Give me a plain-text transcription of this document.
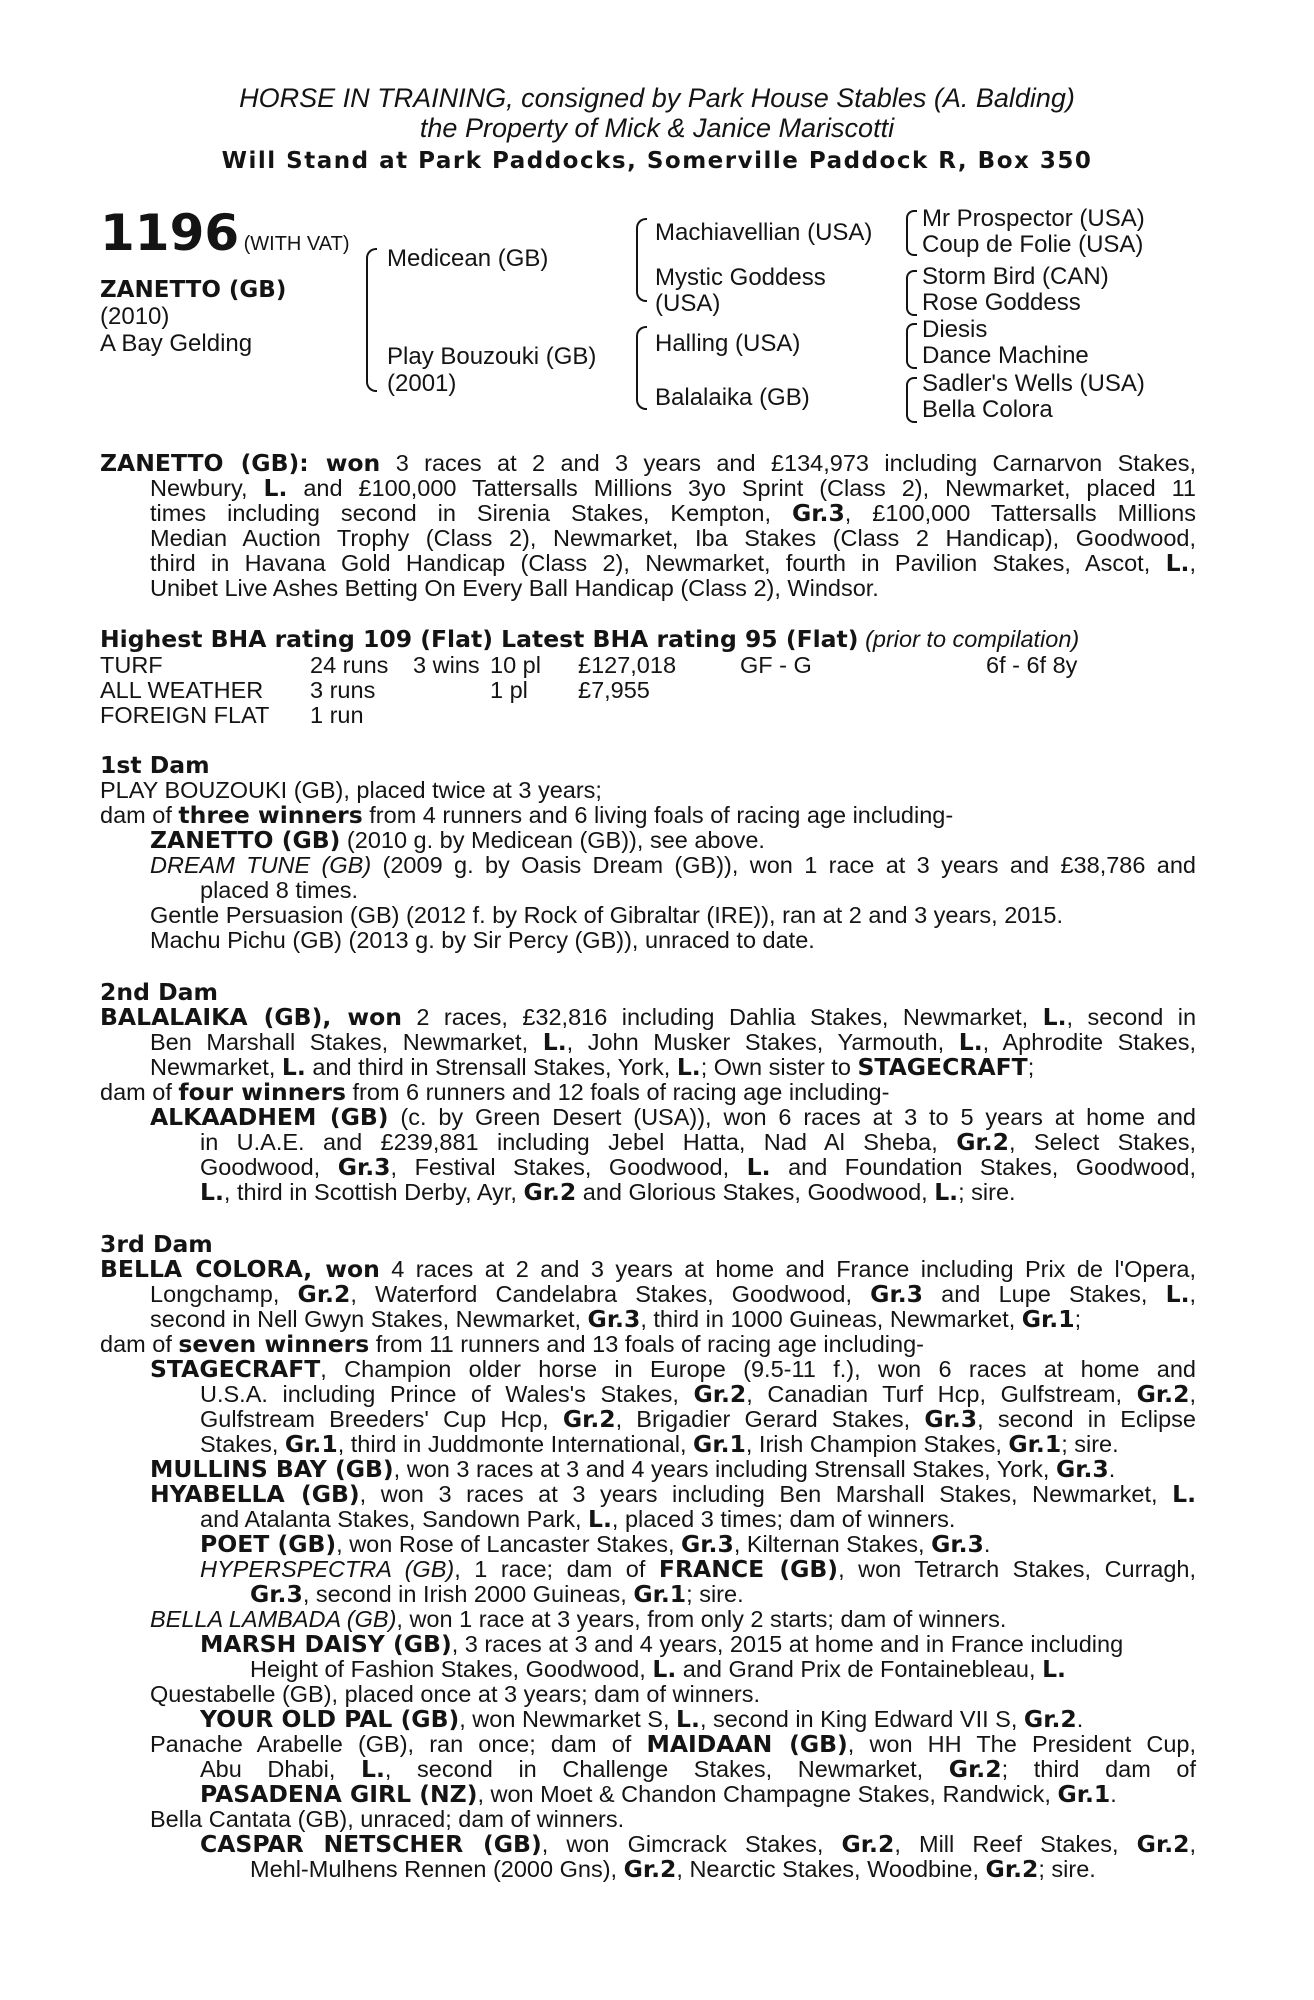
HORSE IN TRAINING, consigned by Park House Stables (A. Balding)
the Property of Mick & Janice Mariscotti
Will Stand at Park Paddocks, Somerville Paddock R, Box 350
1196 (WITH VAT)
ZANETTO (GB)
(2010)
A Bay Gelding
Medicean (GB)
Play Bouzouki (GB)
(2001)
Machiavellian (USA)
Mystic Goddess
(USA)
Halling (USA)
Balalaika (GB)
Mr Prospector (USA)
Coup de Folie (USA)
Storm Bird (CAN)
Rose Goddess
Diesis
Dance Machine
Sadler's Wells (USA)
Bella Colora
ZANETTO (GB): won 3 races at 2 and 3 years and £134,973 including Carnarvon Stakes,
Newbury, L. and £100,000 Tattersalls Millions 3yo Sprint (Class 2), Newmarket, placed 11
times including second in Sirenia Stakes, Kempton, Gr.3, £100,000 Tattersalls Millions
Median Auction Trophy (Class 2), Newmarket, Iba Stakes (Class 2 Handicap), Goodwood,
third in Havana Gold Handicap (Class 2), Newmarket, fourth in Pavilion Stakes, Ascot, L.,
Unibet Live Ashes Betting On Every Ball Handicap (Class 2), Windsor.
Highest BHA rating 109 (Flat) Latest BHA rating 95 (Flat) (prior to compilation)
TURF	24 runs 3 wins 10 pl £127,018	GF - G	6f - 6f 8y
ALL WEATHER 3 runs	1 pl £7,955
FOREIGN FLAT 1 run
1st Dam
PLAY BOUZOUKI (GB), placed twice at 3 years;
dam of three winners from 4 runners and 6 living foals of racing age including-
ZANETTO (GB) (2010 g. by Medicean (GB)), see above.
DREAM TUNE (GB) (2009 g. by Oasis Dream (GB)), won 1 race at 3 years and £38,786 and
placed 8 times.
Gentle Persuasion (GB) (2012 f. by Rock of Gibraltar (IRE)), ran at 2 and 3 years, 2015.
Machu Pichu (GB) (2013 g. by Sir Percy (GB)), unraced to date.
2nd Dam
BALALAIKA (GB), won 2 races, £32,816 including Dahlia Stakes, Newmarket, L., second in
Ben Marshall Stakes, Newmarket, L., John Musker Stakes, Yarmouth, L., Aphrodite Stakes,
Newmarket, L. and third in Strensall Stakes, York, L.; Own sister to STAGECRAFT;
dam of four winners from 6 runners and 12 foals of racing age including-
ALKAADHEM (GB) (c. by Green Desert (USA)), won 6 races at 3 to 5 years at home and
in U.A.E. and £239,881 including Jebel Hatta, Nad Al Sheba, Gr.2, Select Stakes,
Goodwood, Gr.3, Festival Stakes, Goodwood, L. and Foundation Stakes, Goodwood,
L., third in Scottish Derby, Ayr, Gr.2 and Glorious Stakes, Goodwood, L.; sire.
3rd Dam
BELLA COLORA, won 4 races at 2 and 3 years at home and France including Prix de l'Opera,
Longchamp, Gr.2, Waterford Candelabra Stakes, Goodwood, Gr.3 and Lupe Stakes, L.,
second in Nell Gwyn Stakes, Newmarket, Gr.3, third in 1000 Guineas, Newmarket, Gr.1;
dam of seven winners from 11 runners and 13 foals of racing age including-
STAGECRAFT, Champion older horse in Europe (9.5-11 f.), won 6 races at home and
U.S.A. including Prince of Wales's Stakes, Gr.2, Canadian Turf Hcp, Gulfstream, Gr.2,
Gulfstream Breeders' Cup Hcp, Gr.2, Brigadier Gerard Stakes, Gr.3, second in Eclipse
Stakes, Gr.1, third in Juddmonte International, Gr.1, Irish Champion Stakes, Gr.1; sire.
MULLINS BAY (GB), won 3 races at 3 and 4 years including Strensall Stakes, York, Gr.3.
HYABELLA (GB), won 3 races at 3 years including Ben Marshall Stakes, Newmarket, L.
and Atalanta Stakes, Sandown Park, L., placed 3 times; dam of winners.
POET (GB), won Rose of Lancaster Stakes, Gr.3, Kilternan Stakes, Gr.3.
HYPERSPECTRA (GB), 1 race; dam of FRANCE (GB), won Tetrarch Stakes, Curragh,
Gr.3, second in Irish 2000 Guineas, Gr.1; sire.
BELLA LAMBADA (GB), won 1 race at 3 years, from only 2 starts; dam of winners.
MARSH DAISY (GB), 3 races at 3 and 4 years, 2015 at home and in France including
Height of Fashion Stakes, Goodwood, L. and Grand Prix de Fontainebleau, L.
Questabelle (GB), placed once at 3 years; dam of winners.
YOUR OLD PAL (GB), won Newmarket S, L., second in King Edward VII S, Gr.2.
Panache Arabelle (GB), ran once; dam of MAIDAAN (GB), won HH The President Cup,
Abu Dhabi, L., second in Challenge Stakes, Newmarket, Gr.2; third dam of
PASADENA GIRL (NZ), won Moet & Chandon Champagne Stakes, Randwick, Gr.1.
Bella Cantata (GB), unraced; dam of winners.
CASPAR NETSCHER (GB), won Gimcrack Stakes, Gr.2, Mill Reef Stakes, Gr.2,
Mehl-Mulhens Rennen (2000 Gns), Gr.2, Nearctic Stakes, Woodbine, Gr.2; sire.
